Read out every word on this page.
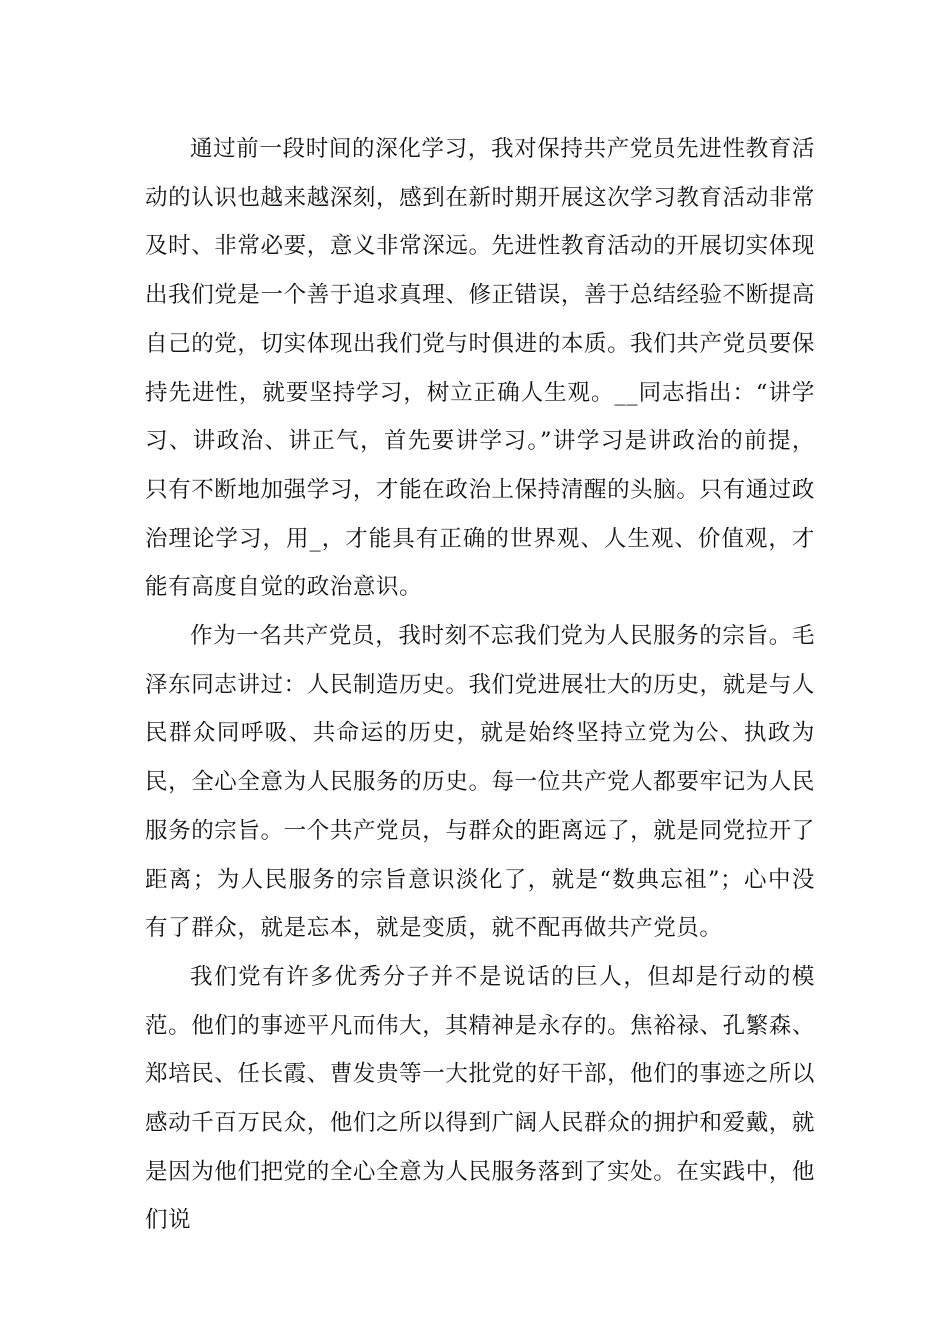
通过前一段时间的深化学习，我对保持共产党员先进性教育活动的认识也越来越深刻，感到在新时期开展这次学习教育活动非常及时、非常必要，意义非常深远。先进性教育活动的开展切实体现出我们党是一个善于追求真理、修正错误，善于总结经验不断提高自己的党，切实体现出我们党与时俱进的本质。我们共产党员要保持先进性，就要坚持学习，树立正确人生观。__同志指出：“讲学习、讲政治、讲正气，首先要讲学习。”讲学习是讲政治的前提，只有不断地加强学习，才能在政治上保持清醒的头脑。只有通过政治理论学习，用_，才能具有正确的世界观、人生观、价值观，才能有高度自觉的政治意识。

作为一名共产党员，我时刻不忘我们党为人民服务的宗旨。毛泽东同志讲过：人民制造历史。我们党进展壮大的历史，就是与人民群众同呼吸、共命运的历史，就是始终坚持立党为公、执政为民，全心全意为人民服务的历史。每一位共产党人都要牢记为人民服务的宗旨。一个共产党员，与群众的距离远了，就是同党拉开了距离；为人民服务的宗旨意识淡化了，就是“数典忘祖”；心中没有了群众，就是忘本，就是变质，就不配再做共产党员。

我们党有许多优秀分子并不是说话的巨人，但却是行动的模范。他们的事迹平凡而伟大，其精神是永存的。焦裕禄、孔繁森、郑培民、任长霞、曹发贵等一大批党的好干部，他们的事迹之所以感动千百万民众，他们之所以得到广阔人民群众的拥护和爱戴，就是因为他们把党的全心全意为人民服务落到了实处。在实践中，他们说
